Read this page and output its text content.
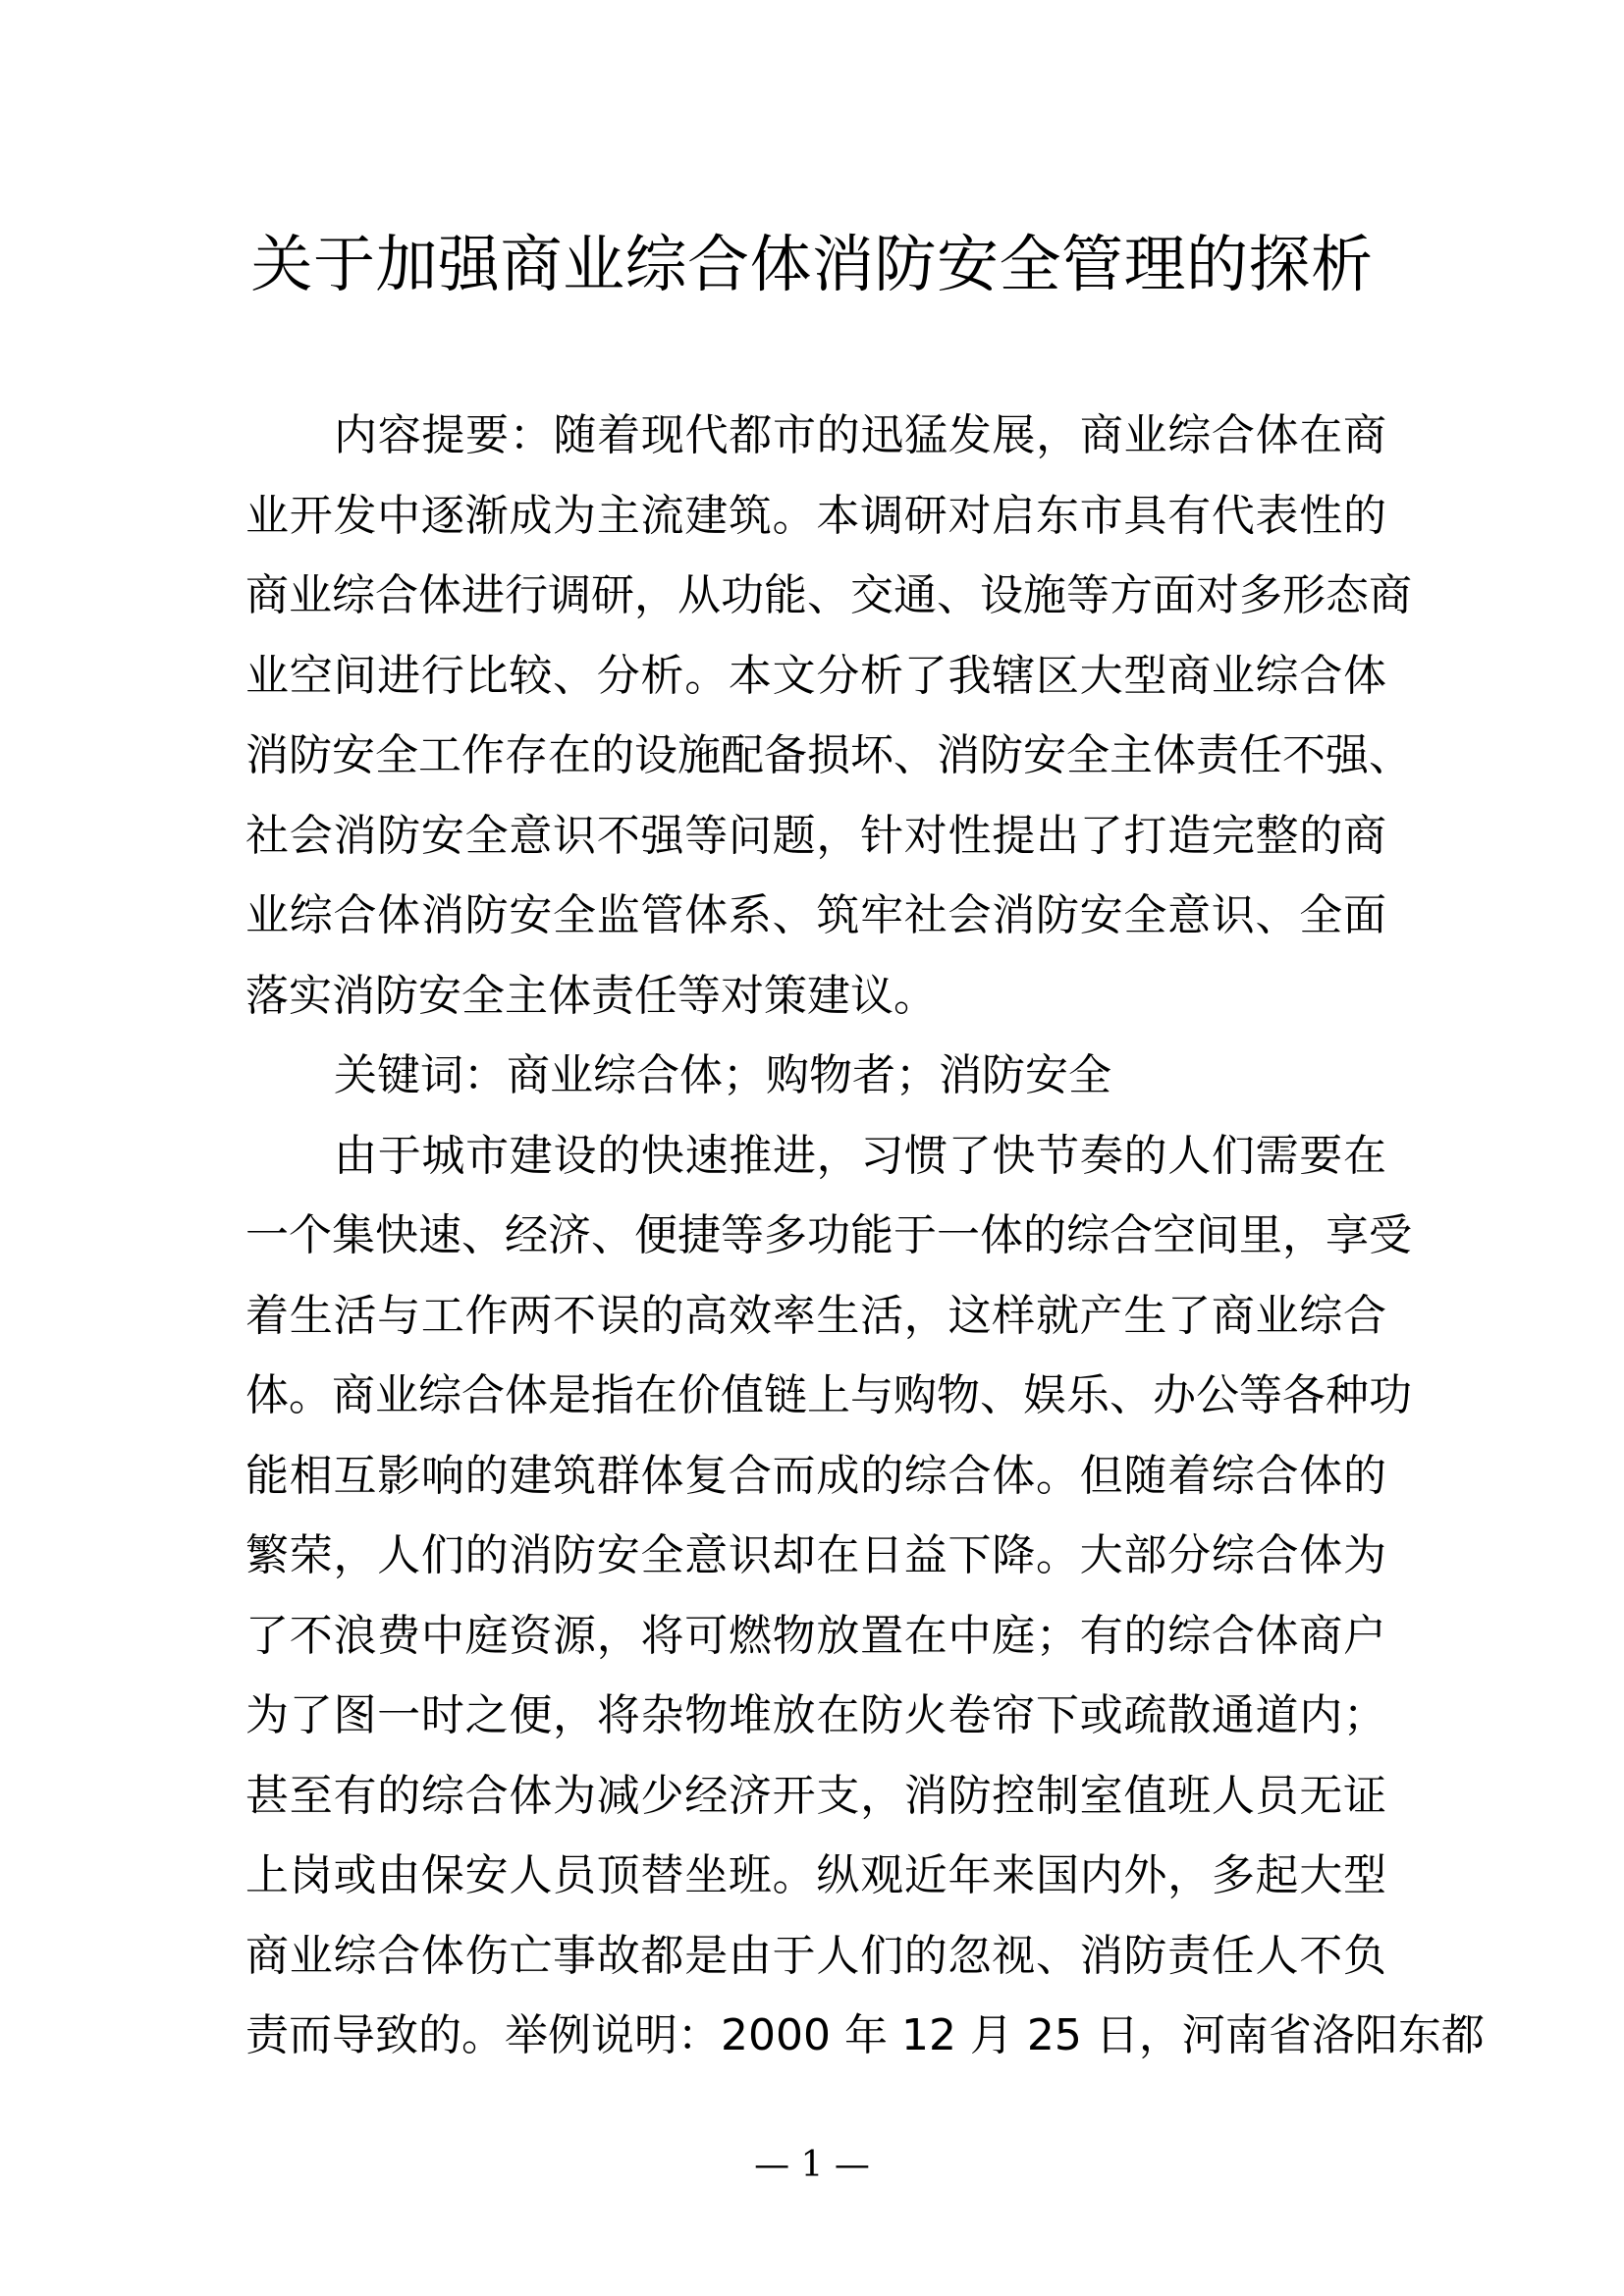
关于加强商业综合体消防安全管理的探析
内容提要：随着现代都市的迅猛发展，商业综合体在商
业开发中逐渐成为主流建筑。本调研对启东市具有代表性的
商业综合体进行调研，从功能、交通、设施等方面对多形态商
业空间进行比较、分析。本文分析了我辖区大型商业综合体
消防安全工作存在的设施配备损坏、消防安全主体责任不强、
社会消防安全意识不强等问题，针对性提出了打造完整的商
业综合体消防安全监管体系、筑牢社会消防安全意识、全面
落实消防安全主体责任等对策建议。
关键词：商业综合体；购物者；消防安全
由于城市建设的快速推进，习惯了快节奏的人们需要在
一个集快速、经济、便捷等多功能于一体的综合空间里，享受
着生活与工作两不误的高效率生活，这样就产生了商业综合
体。商业综合体是指在价值链上与购物、娱乐、办公等各种功
能相互影响的建筑群体复合而成的综合体。但随着综合体的
繁荣，人们的消防安全意识却在日益下降。大部分综合体为
了不浪费中庭资源，将可燃物放置在中庭；有的综合体商户
为了图一时之便，将杂物堆放在防火卷帘下或疏散通道内；
甚至有的综合体为减少经济开支，消防控制室值班人员无证
上岗或由保安人员顶替坐班。纵观近年来国内外，多起大型
商业综合体伤亡事故都是由于人们的忽视、消防责任人不负
责而导致的。举例说明：2000 年 12 月 25 日，河南省洛阳东都
— 1 —
